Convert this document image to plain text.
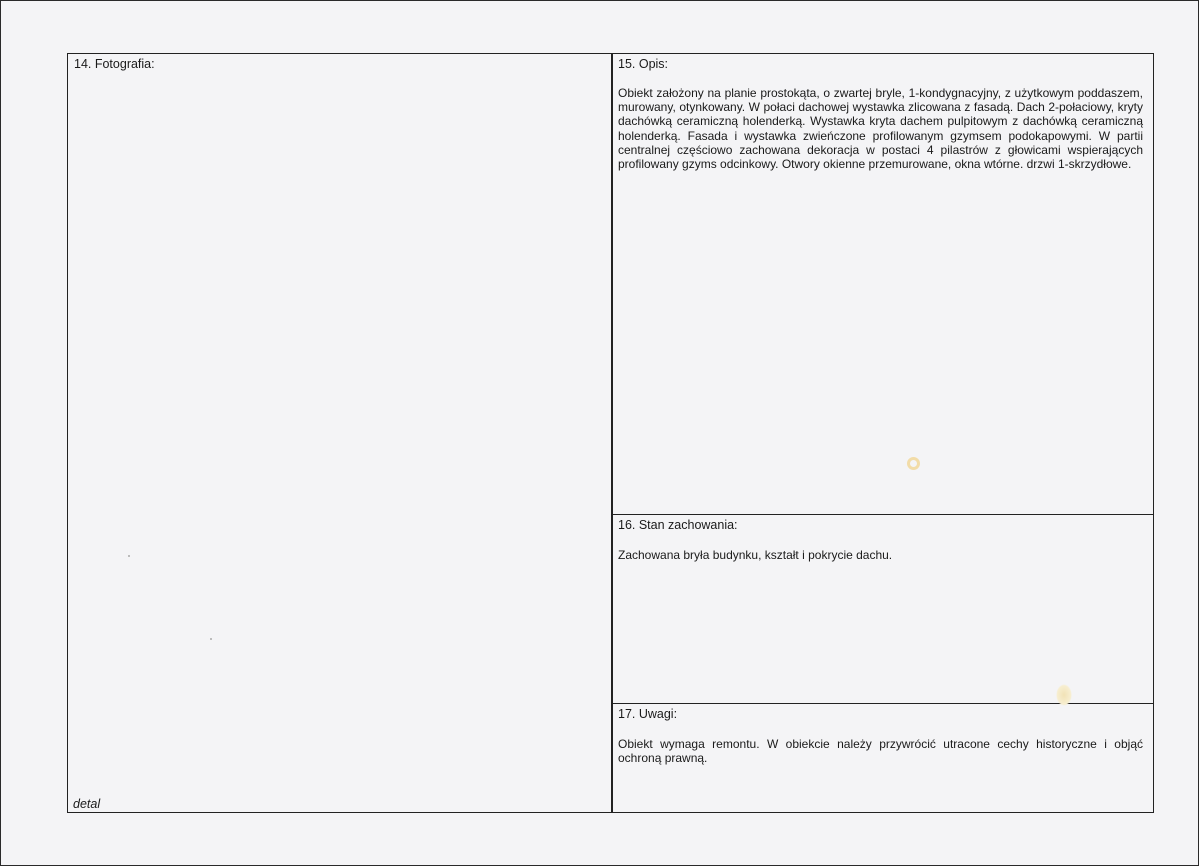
14. Fotografia:
detal
15. Opis:
Obiekt założony na planie prostokąta, o zwartej bryle, 1-kondygnacyjny, z użytkowym poddaszem, murowany, otynkowany. W połaci dachowej wystawka zlicowana z fasadą. Dach 2-połaciowy, kryty dachówką ceramiczną holenderką. Wystawka kryta dachem pulpitowym z dachówką ceramiczną holenderką. Fasada i wystawka zwieńczone profilowanym gzymsem podokapowymi. W partii centralnej częściowo zachowana dekoracja w postaci 4 pilastrów z głowicami wspierających profilowany gzyms odcinkowy. Otwory okienne przemurowane, okna wtórne. drzwi 1-skrzydłowe.
16. Stan zachowania:
Zachowana bryła budynku, kształt i pokrycie dachu.
17. Uwagi:
Obiekt wymaga remontu. W obiekcie należy przywrócić utracone cechy historyczne i objąć ochroną prawną.
